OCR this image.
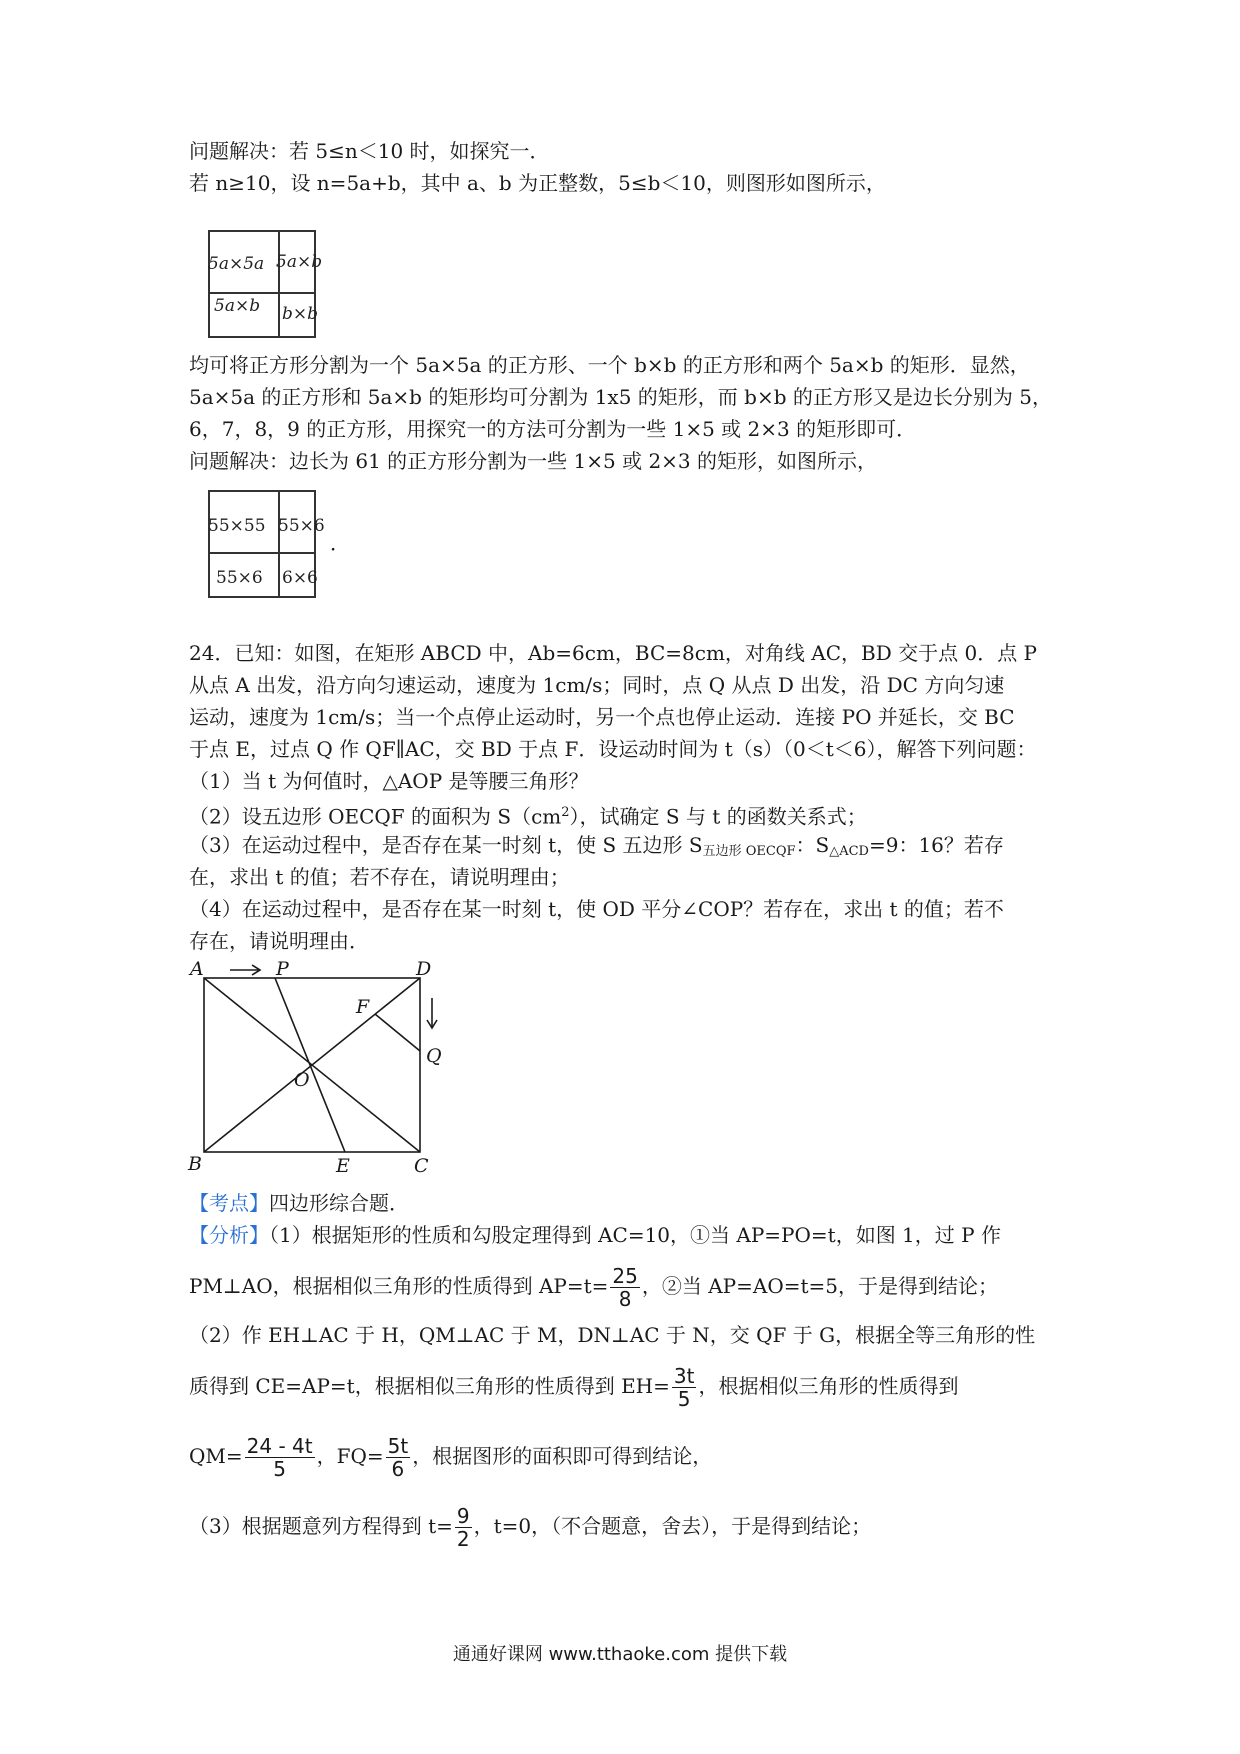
问题解决：若 5≤n＜10 时，如探究一．
若 n≥10，设 n=5a+b，其中 a、b 为正整数，5≤b＜10，则图形如图所示，
5a×5a 5a×b
5a×b b×b
均可将正方形分割为一个 5a×5a 的正方形、一个 b×b 的正方形和两个 5a×b 的矩形．显然，
5a×5a 的正方形和 5a×b 的矩形均可分割为 1x5 的矩形，而 b×b 的正方形又是边长分别为 5，
6，7，8，9 的正方形，用探究一的方法可分割为一些 1×5 或 2×3 的矩形即可．
问题解决：边长为 61 的正方形分割为一些 1×5 或 2×3 的矩形，如图所示，
55×55 55×6
55×6 6×6
．
24．已知：如图，在矩形 ABCD 中，Ab=6cm，BC=8cm，对角线 AC，BD 交于点 0．点 P
从点 A 出发，沿方向匀速运动，速度为 1cm/s；同时，点 Q 从点 D 出发，沿 DC 方向匀速
运动，速度为 1cm/s；当一个点停止运动时，另一个点也停止运动．连接 PO 并延长，交 BC
于点 E，过点 Q 作 QF∥AC，交 BD 于点 F．设运动时间为 t（s）（0＜t＜6），解答下列问题：
（1）当 t 为何值时，△AOP 是等腰三角形？
（2）设五边形 OECQF 的面积为 $S(cm^2)$，试确定 S 与 t 的函数关系式；
（3）在运动过程中，是否存在某一时刻 t，使 S 五边形 $S_{五边形 OECQF}$：$S_{\triangle ACD}=9$：16？若存
在，求出 t 的值；若不存在，请说明理由；
（4）在运动过程中，是否存在某一时刻 t，使 OD 平分∠COP？若存在，求出 t 的值；若不
存在，请说明理由．
A	P	D
F
Q
O
B	E	C
【考点】四边形综合题．
【分析】（1）根据矩形的性质和勾股定理得到 AC=10，①当 AP=PO=t，如图 1，过 P 作
PM⊥AO，根据相似三角形的性质得到 $AP=t= \frac{25}{8}$ ，②当 AP=AO=t=5，于是得到结论；
（2）作 EH⊥AC 于 H，QM⊥AC 于 M，DN⊥AC 于 N，交 QF 于 G，根据全等三角形的性
质得到 CE=AP=t，根据相似三角形的性质得到 $EH= \frac{3t}{5}$ ，根据相似三角形的性质得到
$QM= \frac{24 - 4t}{5}$ ，$FQ= \frac{5t}{6}$ ，根据图形的面积即可得到结论，
（3）根据题意列方程得到 $t= \frac{9}{2}$ ，t=0，（不合题意，舍去），于是得到结论；
通通好课网 www.tthaoke.com 提供下载
